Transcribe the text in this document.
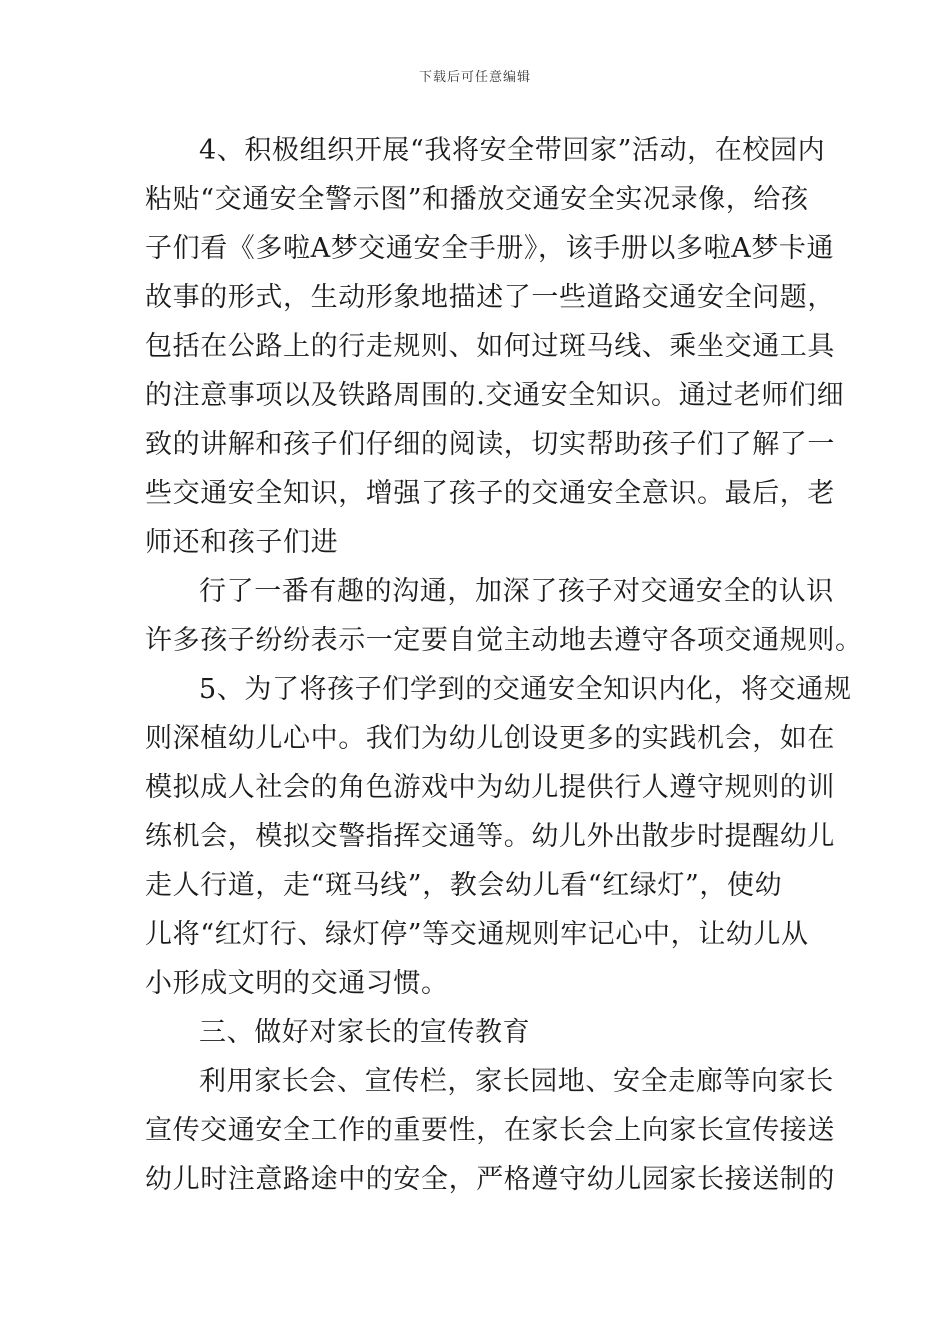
下载后可任意编辑
4、积极组织开展“我将安全带回家”活动，在校园内
粘贴“交通安全警示图”和播放交通安全实况录像，给孩
子们看《多啦A梦交通安全手册》，该手册以多啦A梦卡通
故事的形式，生动形象地描述了一些道路交通安全问题，
包括在公路上的行走规则、如何过斑马线、乘坐交通工具
的注意事项以及铁路周围的.交通安全知识。通过老师们细
致的讲解和孩子们仔细的阅读，切实帮助孩子们了解了一
些交通安全知识，增强了孩子的交通安全意识。最后，老
师还和孩子们进
行了一番有趣的沟通，加深了孩子对交通安全的认识
许多孩子纷纷表示一定要自觉主动地去遵守各项交通规则。
5、为了将孩子们学到的交通安全知识内化，将交通规
则深植幼儿心中。我们为幼儿创设更多的实践机会，如在
模拟成人社会的角色游戏中为幼儿提供行人遵守规则的训
练机会，模拟交警指挥交通等。幼儿外出散步时提醒幼儿
走人行道，走“斑马线”，教会幼儿看“红绿灯”，使幼
儿将“红灯行、绿灯停”等交通规则牢记心中，让幼儿从
小形成文明的交通习惯。
三、做好对家长的宣传教育
利用家长会、宣传栏，家长园地、安全走廊等向家长
宣传交通安全工作的重要性，在家长会上向家长宣传接送
幼儿时注意路途中的安全，严格遵守幼儿园家长接送制的
